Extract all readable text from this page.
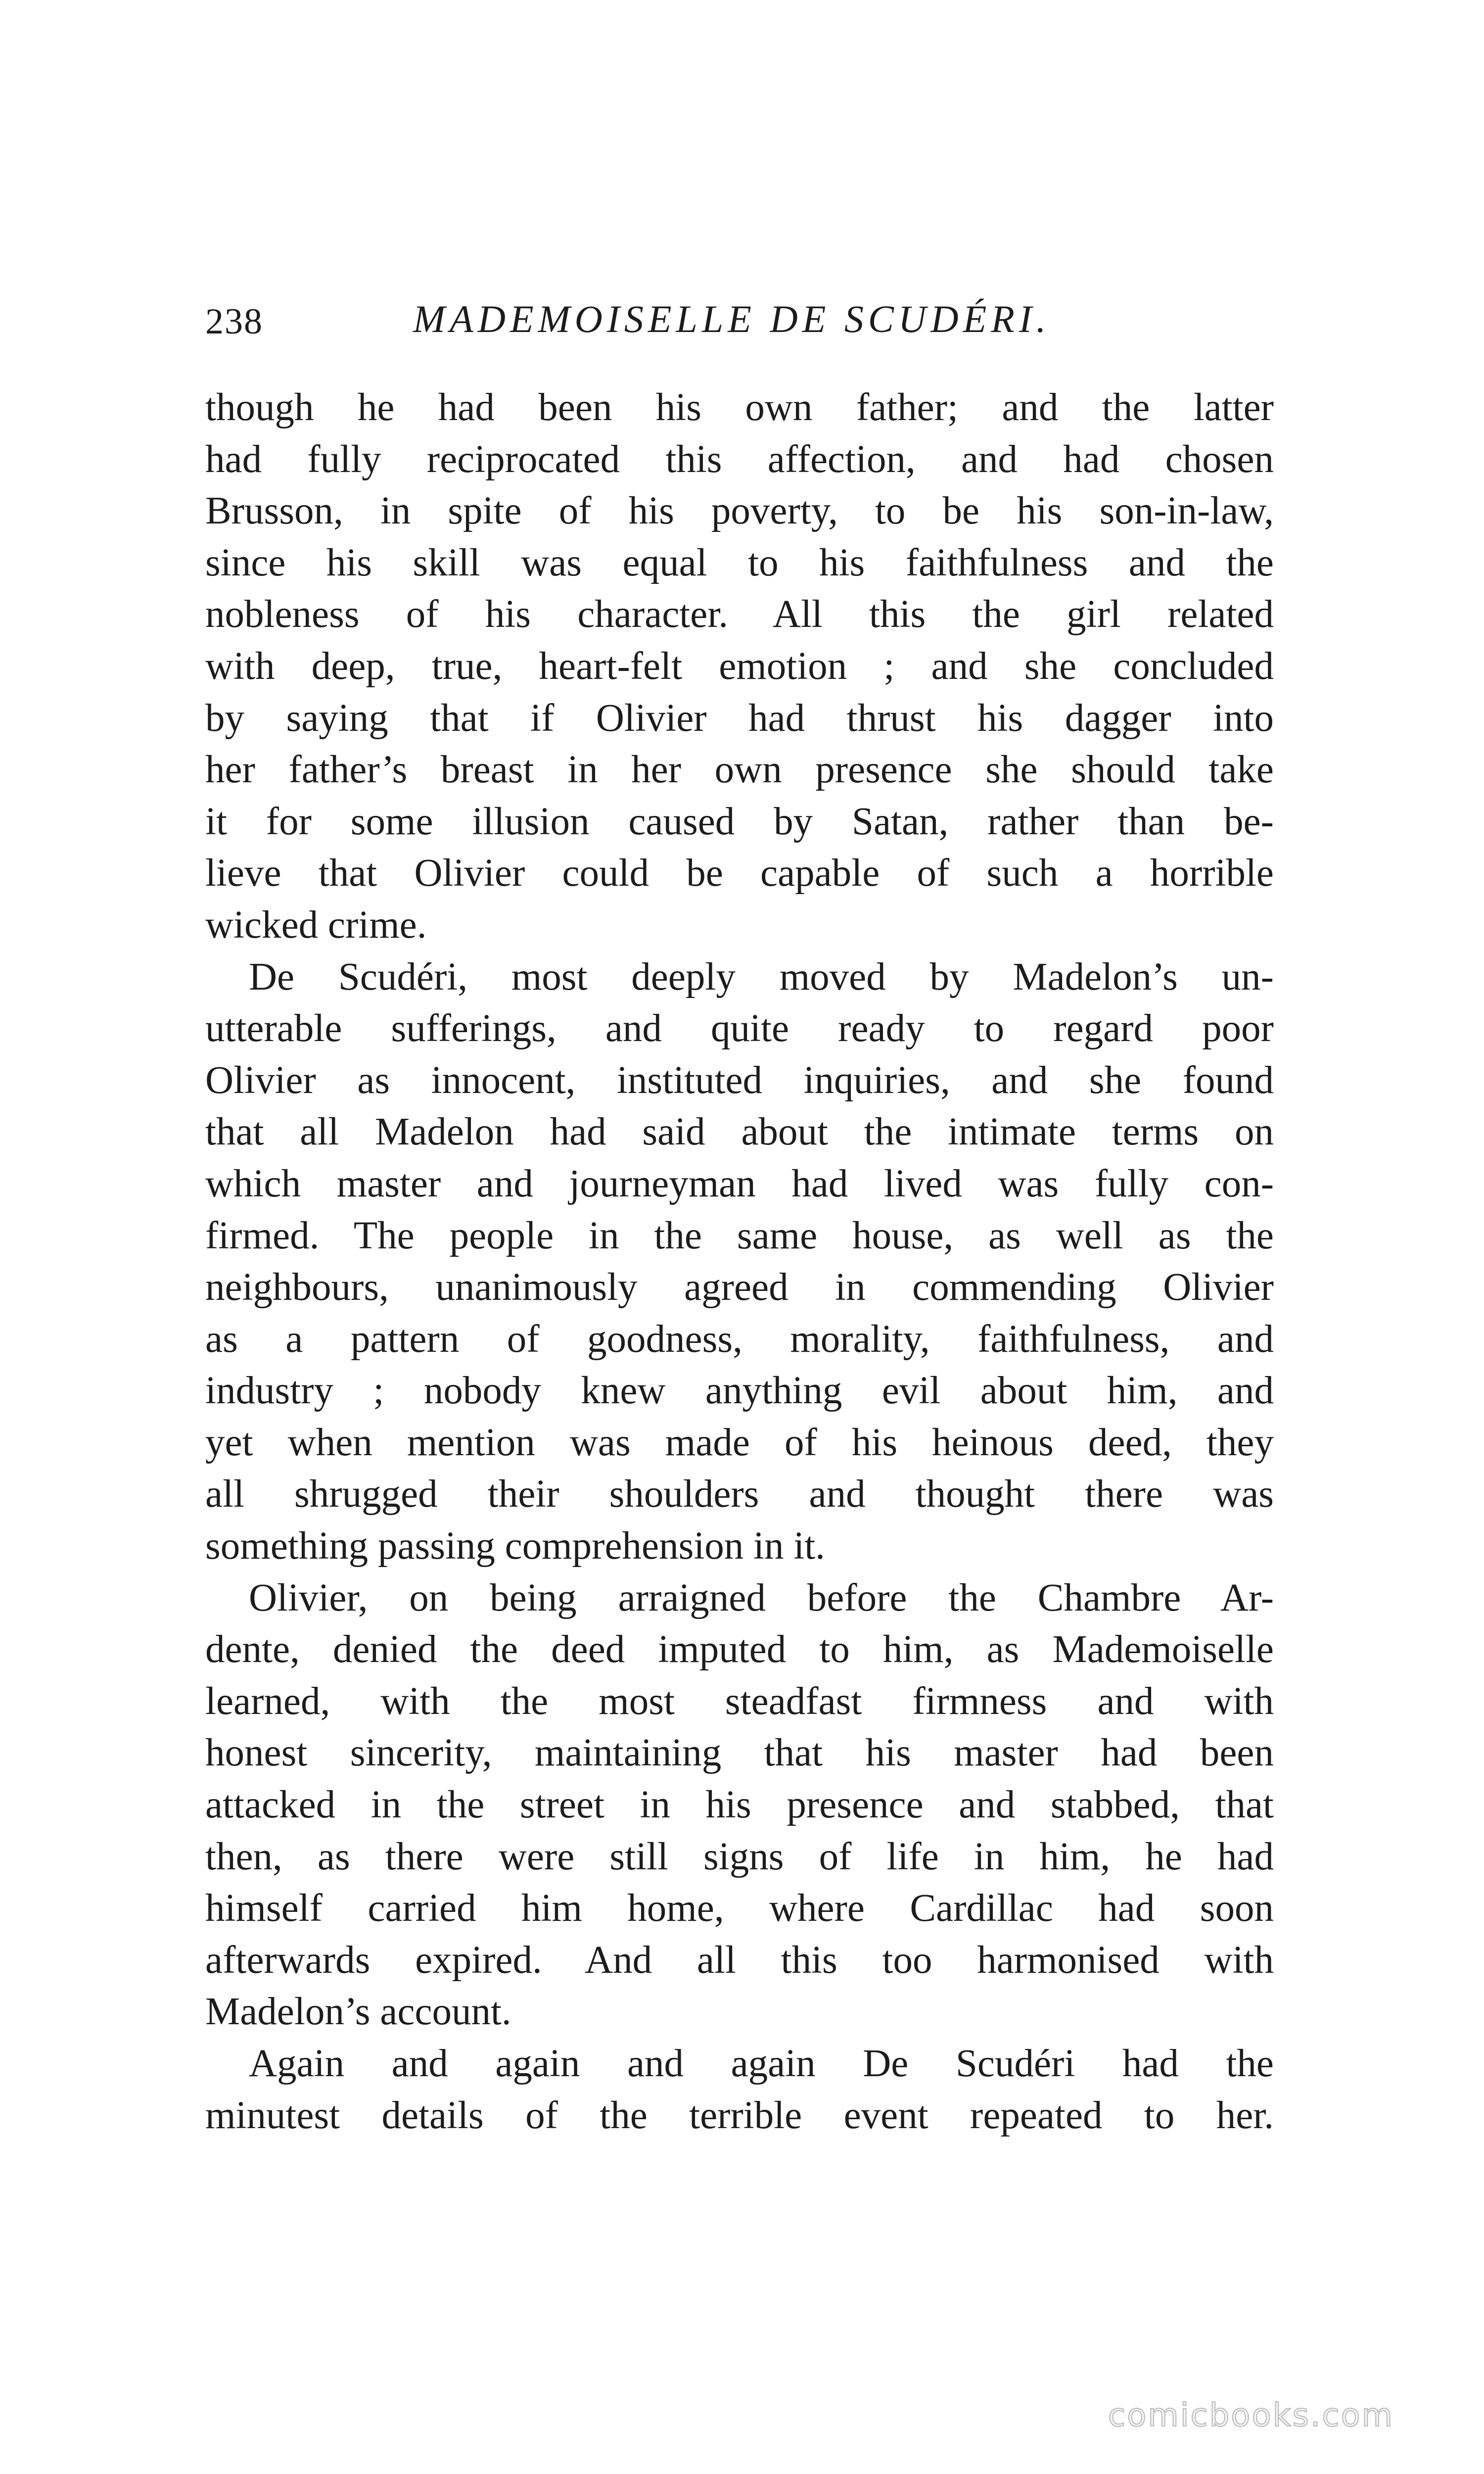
238	MADEMOISELLE DE SCUDÉRI.
though he had been his own father; and the latter
had fully reciprocated this affection, and had chosen
Brusson, in spite of his poverty, to be his son-in-law,
since his skill was equal to his faithfulness and the
nobleness of his character. All this the girl related
with deep, true, heart-felt emotion ; and she concluded
by saying that if Olivier had thrust his dagger into
her father’s breast in her own presence she should take
it for some illusion caused by Satan, rather than be-
lieve that Olivier could be capable of such a horrible
wicked crime.
De Scudéri, most deeply moved by Madelon’s un-
utterable sufferings, and quite ready to regard poor
Olivier as innocent, instituted inquiries, and she found
that all Madelon had said about the intimate terms on
which master and journeyman had lived was fully con-
firmed. The people in the same house, as well as the
neighbours, unanimously agreed in commending Olivier
as a pattern of goodness, morality, faithfulness, and
industry ; nobody knew anything evil about him, and
yet when mention was made of his heinous deed, they
all shrugged their shoulders and thought there was
something passing comprehension in it.
Olivier, on being arraigned before the Chambre Ar-
dente, denied the deed imputed to him, as Mademoiselle
learned, with the most steadfast firmness and with
honest sincerity, maintaining that his master had been
attacked in the street in his presence and stabbed, that
then, as there were still signs of life in him, he had
himself carried him home, where Cardillac had soon
afterwards expired. And all this too harmonised with
Madelon’s account.
Again and again and again De Scudéri had the
minutest details of the terrible event repeated to her.
comicbooks.com
